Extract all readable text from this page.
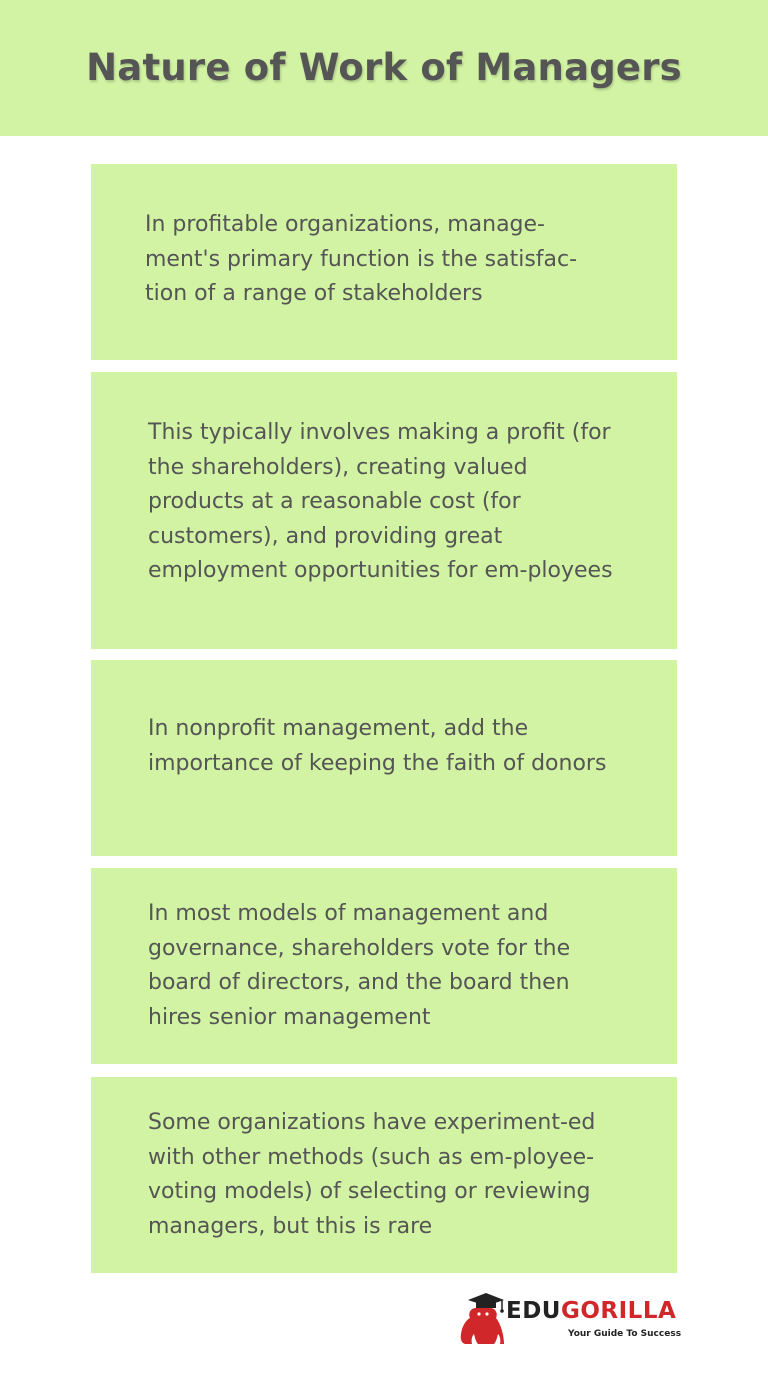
Nature of Work of Managers

In profitable organizations, manage-ment's primary function is the satisfac-tion of a range of stakeholders

This typically involves making a profit (for the shareholders), creating valued products at a reasonable cost (for customers), and providing great employment opportunities for em-ployees

In nonprofit management, add the importance of keeping the faith of donors

In most models of management and governance, shareholders vote for the board of directors, and the board then hires senior management

Some organizations have experiment-ed with other methods (such as em-ployee-voting models) of selecting or reviewing managers, but this is rare

EDUGORILLA
Your Guide To Success
